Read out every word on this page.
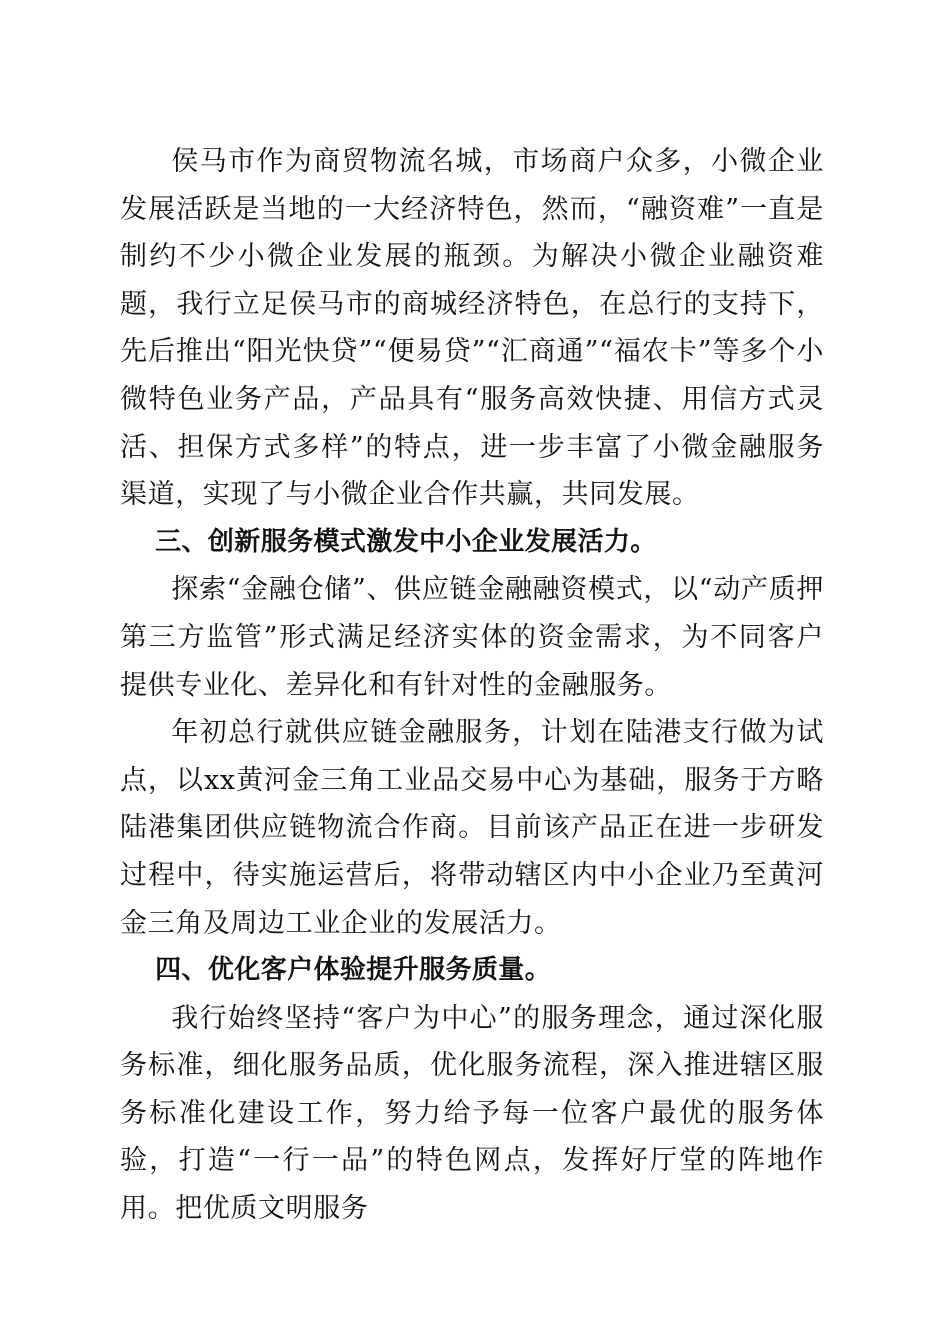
侯马市作为商贸物流名城，市场商户众多，小微企业发展活跃是当地的一大经济特色，然而，“融资难”一直是制约不少小微企业发展的瓶颈。为解决小微企业融资难题，我行立足侯马市的商城经济特色，在总行的支持下，先后推出“阳光快贷”“便易贷”“汇商通”“福农卡”等多个小微特色业务产品，产品具有“服务高效快捷、用信方式灵活、担保方式多样”的特点，进一步丰富了小微金融服务渠道，实现了与小微企业合作共赢，共同发展。

三、创新服务模式激发中小企业发展活力。

探索“金融仓储”、供应链金融融资模式，以“动产质押第三方监管”形式满足经济实体的资金需求，为不同客户提供专业化、差异化和有针对性的金融服务。

年初总行就供应链金融服务，计划在陆港支行做为试点，以xx黄河金三角工业品交易中心为基础，服务于方略陆港集团供应链物流合作商。目前该产品正在进一步研发过程中，待实施运营后，将带动辖区内中小企业乃至黄河金三角及周边工业企业的发展活力。

四、优化客户体验提升服务质量。

我行始终坚持“客户为中心”的服务理念，通过深化服务标准，细化服务品质，优化服务流程，深入推进辖区服务标准化建设工作，努力给予每一位客户最优的服务体验，打造“一行一品”的特色网点，发挥好厅堂的阵地作用。把优质文明服务
